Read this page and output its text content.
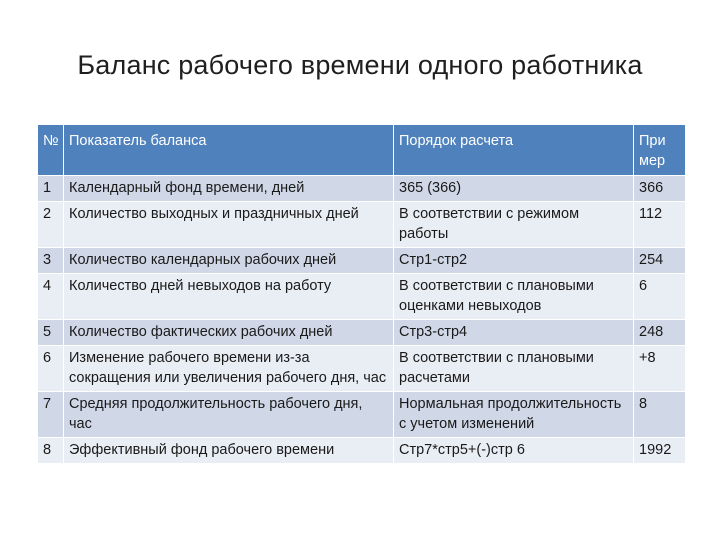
Баланс рабочего времени одного работника
№	Показатель баланса	Порядок расчета	При мер
1	Календарный фонд времени, дней	365 (366)	366
2	Количество выходных и праздничных дней	В соответствии с режимом работы	112
3	Количество календарных рабочих дней	Стр1-стр2	254
4	Количество дней невыходов на работу	В соответствии с плановыми оценками невыходов	6
5	Количество фактических рабочих дней	Стр3-стр4	248
6	Изменение рабочего времени из-за сокращения или увеличения рабочего дня, час	В соответствии с плановыми расчетами	+8
7	Средняя продолжительность рабочего дня, час	Нормальная продолжительность с учетом изменений	8
8	Эффективный фонд рабочего времени	Стр7*стр5+(-)стр 6	1992
